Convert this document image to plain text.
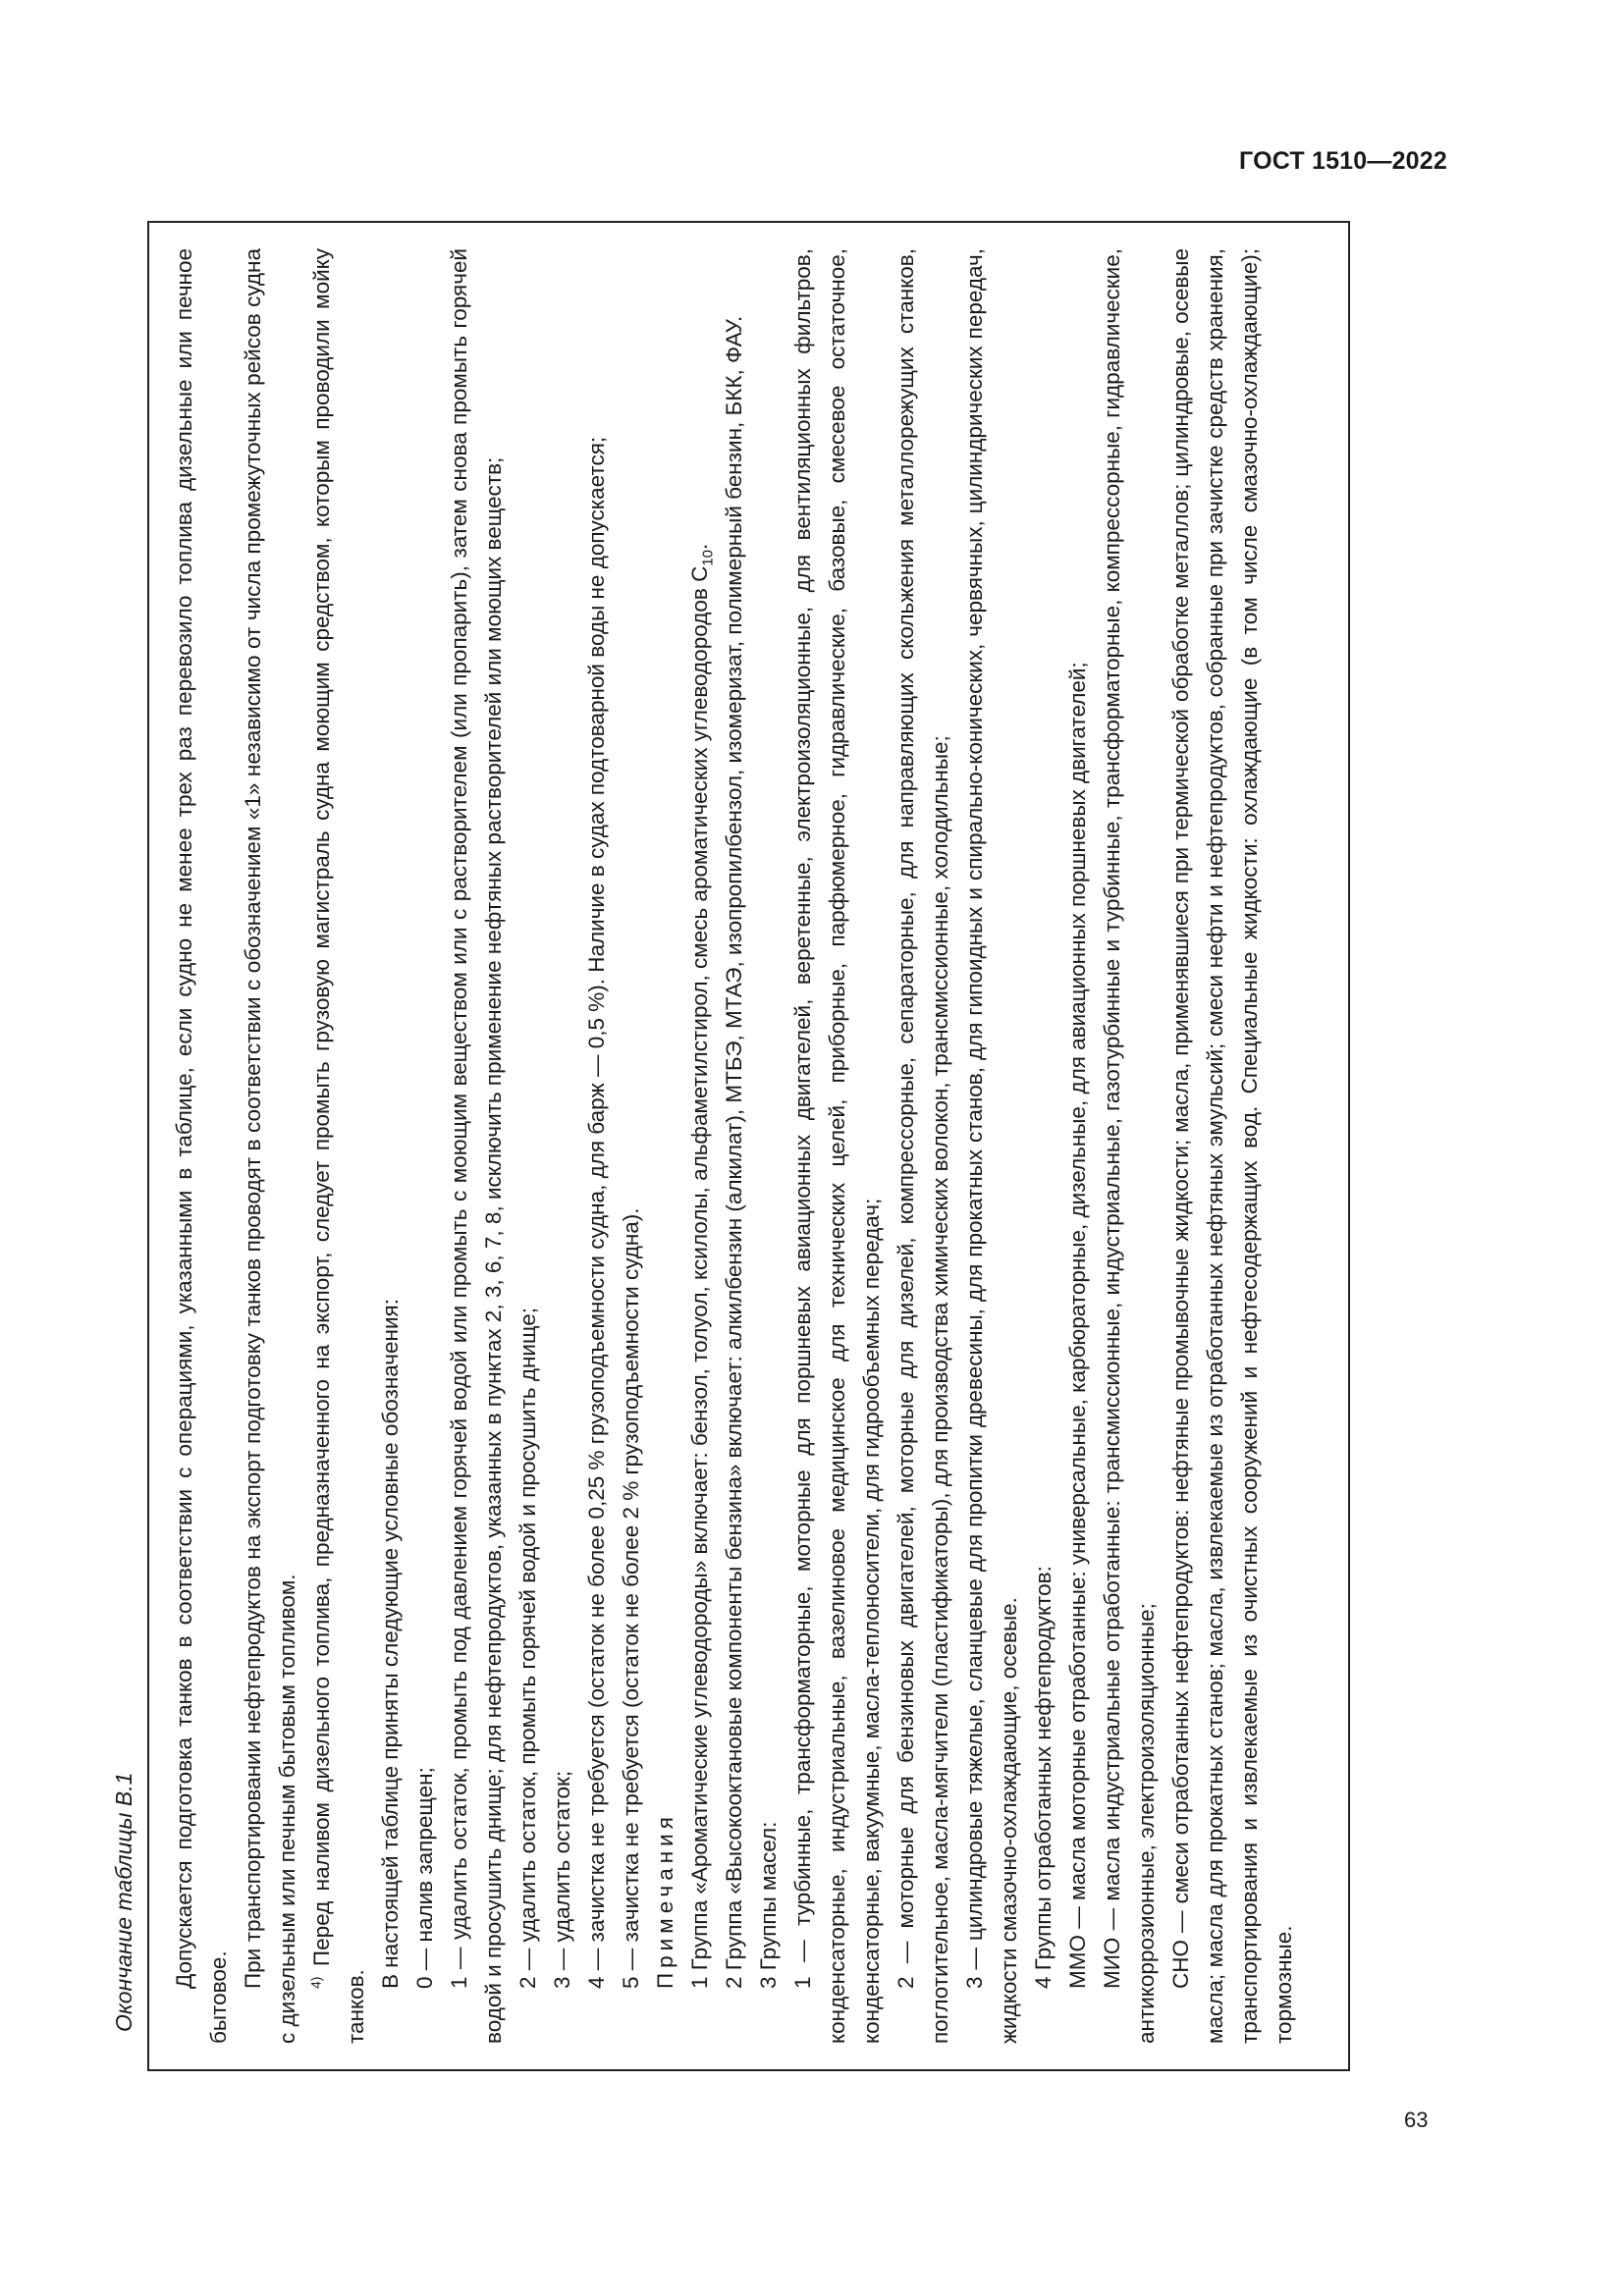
ГОСТ 1510—2022
Окончание таблицы В.1 Допускается подготовка танков в соответствии с операциями, указанными в таблице, если судно не менее трех раз перевозило топлива дизельные или печное бытовое.

При транспортировании нефтепродуктов на экспорт подготовку танков проводят в соответствии с обозначением «1» независимо от числа промежуточных рейсов судна с дизельным или печным бытовым топливом. $^{4)}$ Перед наливом дизельного топлива, предназначенного на экспорт, следует промыть грузовую магистраль судна моющим средством, которым проводили мойку танков.

В настоящей таблице приняты следующие условные обозначения: 0 — налив запрещен; 1 — удалить остаток, промыть под давлением горячей водой или промыть с моющим веществом или с растворителем (или пропарить), затем снова промыть горячей водой и просушить днище; для нефтепродуктов, указанных в пунктах 2, 3, 6, 7, 8, исключить применение нефтяных растворителей или моющих веществ; 2 — удалить остаток, промыть горячей водой и просушить днище; 3 — удалить остаток; 4 — зачистка не требуется (остаток не более 0,25 % грузоподъемности судна, для барж — 0,5 %). Наличие в судах подтоварной воды не допускается; 5 — зачистка не требуется (остаток не более 2 % грузоподъемности судна). Примечания 1 Группа «Ароматические углеводороды» включает: бензол, толуол, ксилолы, альфаметилстирол, смесь ароматических углеводородов $С_{10}$. 2 Группа «Высокооктановые компоненты бензина» включает: алкилбензин (алкилат), МТБЭ, МТАЭ, изопропилбензол, изомеризат, полимерный бензин, БКК, ФАУ. 3 Группы масел: 1 — турбинные, трансформаторные, моторные для поршневых авиационных двигателей, веретенные, электроизоляционные, для вентиляционных фильтров, конденсаторные, индустриальные, вазелиновое медицинское для технических целей, приборные, парфюмерное, гидравлические, базовые, смесевое остаточное, конденсаторные, вакуумные, масла-теплоносители, для гидрообъемных передач; 2 — моторные для бензиновых двигателей, моторные для дизелей, компрессорные, сепараторные, для направляющих скольжения металлорежущих станков, поглотительное, масла-мягчители (пластификаторы), для производства химических волокон, трансмиссионные, холодильные; 3 — цилиндровые тяжелые, сланцевые для пропитки древесины, для прокатных станов, для гипоидных и спирально-конических, червячных, цилиндрических передач, жидкости смазочно-охлаждающие, осевые. 4 Группы отработанных нефтепродуктов: ММО — масла моторные отработанные: универсальные, карбюраторные, дизельные, для авиационных поршневых двигателей; МИО — масла индустриальные отработанные: трансмиссионные, индустриальные, газотурбинные и турбинные, трансформаторные, компрессорные, гидравлические, антикоррозионные, электроизоляционные; СНО — смеси отработанных нефтепродуктов: нефтяные промывочные жидкости; масла, применявшиеся при термической обработке металлов; цилиндровые, осевые масла; масла для прокатных станов; масла, извлекаемые из отработанных нефтяных эмульсий; смеси нефти и нефтепродуктов, собранные при зачистке средств хранения, транспортирования и извлекаемые из очистных сооружений и нефтесодержащих вод. Специальные жидкости: охлаждающие (в том числе смазочно-охлаждающие); тормозные.

63
